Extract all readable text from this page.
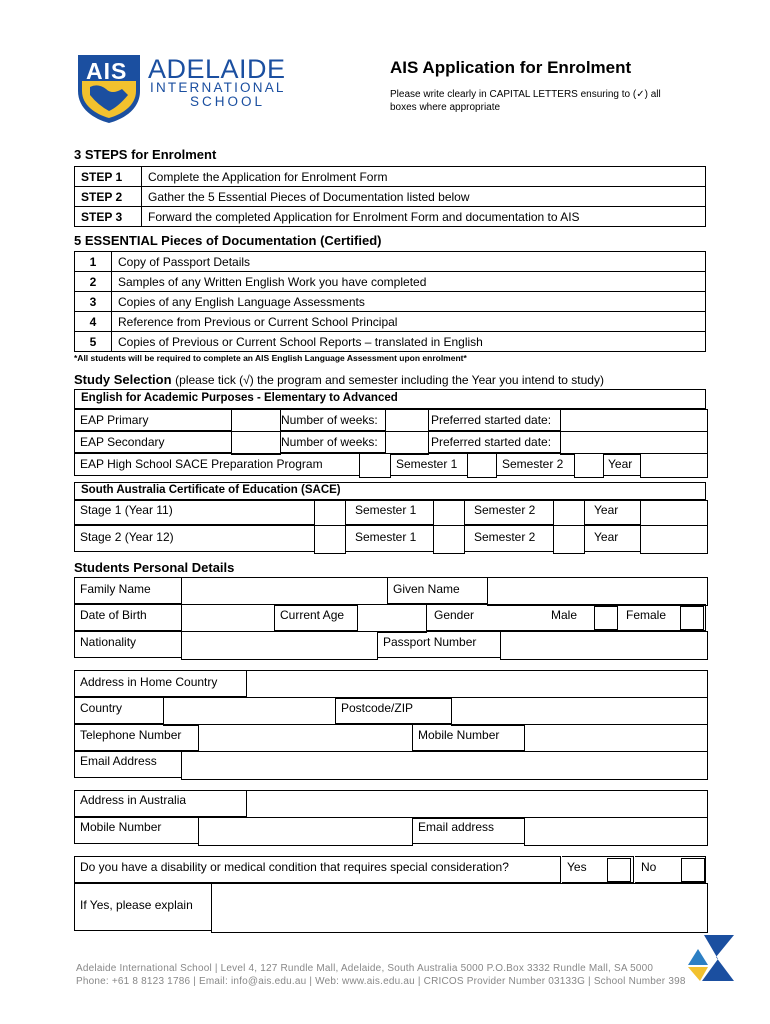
AIS ADELAIDE
INTERNATIONAL
SCHOOL
AIS Application for Enrolment
Please write clearly in CAPITAL LETTERS ensuring to (✓) all boxes where appropriate
3 STEPS for Enrolment
STEP 1	Complete the Application for Enrolment Form
STEP 2	Gather the 5 Essential Pieces of Documentation listed below
STEP 3	Forward the completed Application for Enrolment Form and documentation to AIS
5 ESSENTIAL Pieces of Documentation (Certified)
1	Copy of Passport Details
2	Samples of any Written English Work you have completed
3	Copies of any English Language Assessments
4	Reference from Previous or Current School Principal
5	Copies of Previous or Current School Reports – translated in English
*All students will be required to complete an AIS English Language Assessment upon enrolment*
Study Selection (please tick (√) the program and semester including the Year you intend to study)
English for Academic Purposes - Elementary to Advanced
EAP Primary	Number of weeks:	Preferred started date:
EAP Secondary	Number of weeks:	Preferred started date:
EAP High School SACE Preparation Program	Semester 1	Semester 2	Year
South Australia Certificate of Education (SACE)
Stage 1 (Year 11)	Semester 1	Semester 2	Year
Stage 2 (Year 12)	Semester 1	Semester 2	Year
Students Personal Details
Family Name	Given Name
Date of Birth	Current Age	Gender	Male	Female
Nationality	Passport Number
Address in Home Country
Country	Postcode/ZIP
Telephone Number	Mobile Number
Email Address
Address in Australia
Mobile Number	Email address
Do you have a disability or medical condition that requires special consideration?	Yes	No
If Yes, please explain
Adelaide International School | Level 4, 127 Rundle Mall, Adelaide, South Australia 5000 P.O.Box 3332 Rundle Mall, SA 5000
Phone: +61 8 8123 1786 | Email: info@ais.edu.au | Web: www.ais.edu.au | CRICOS Provider Number 03133G | School Number 398
